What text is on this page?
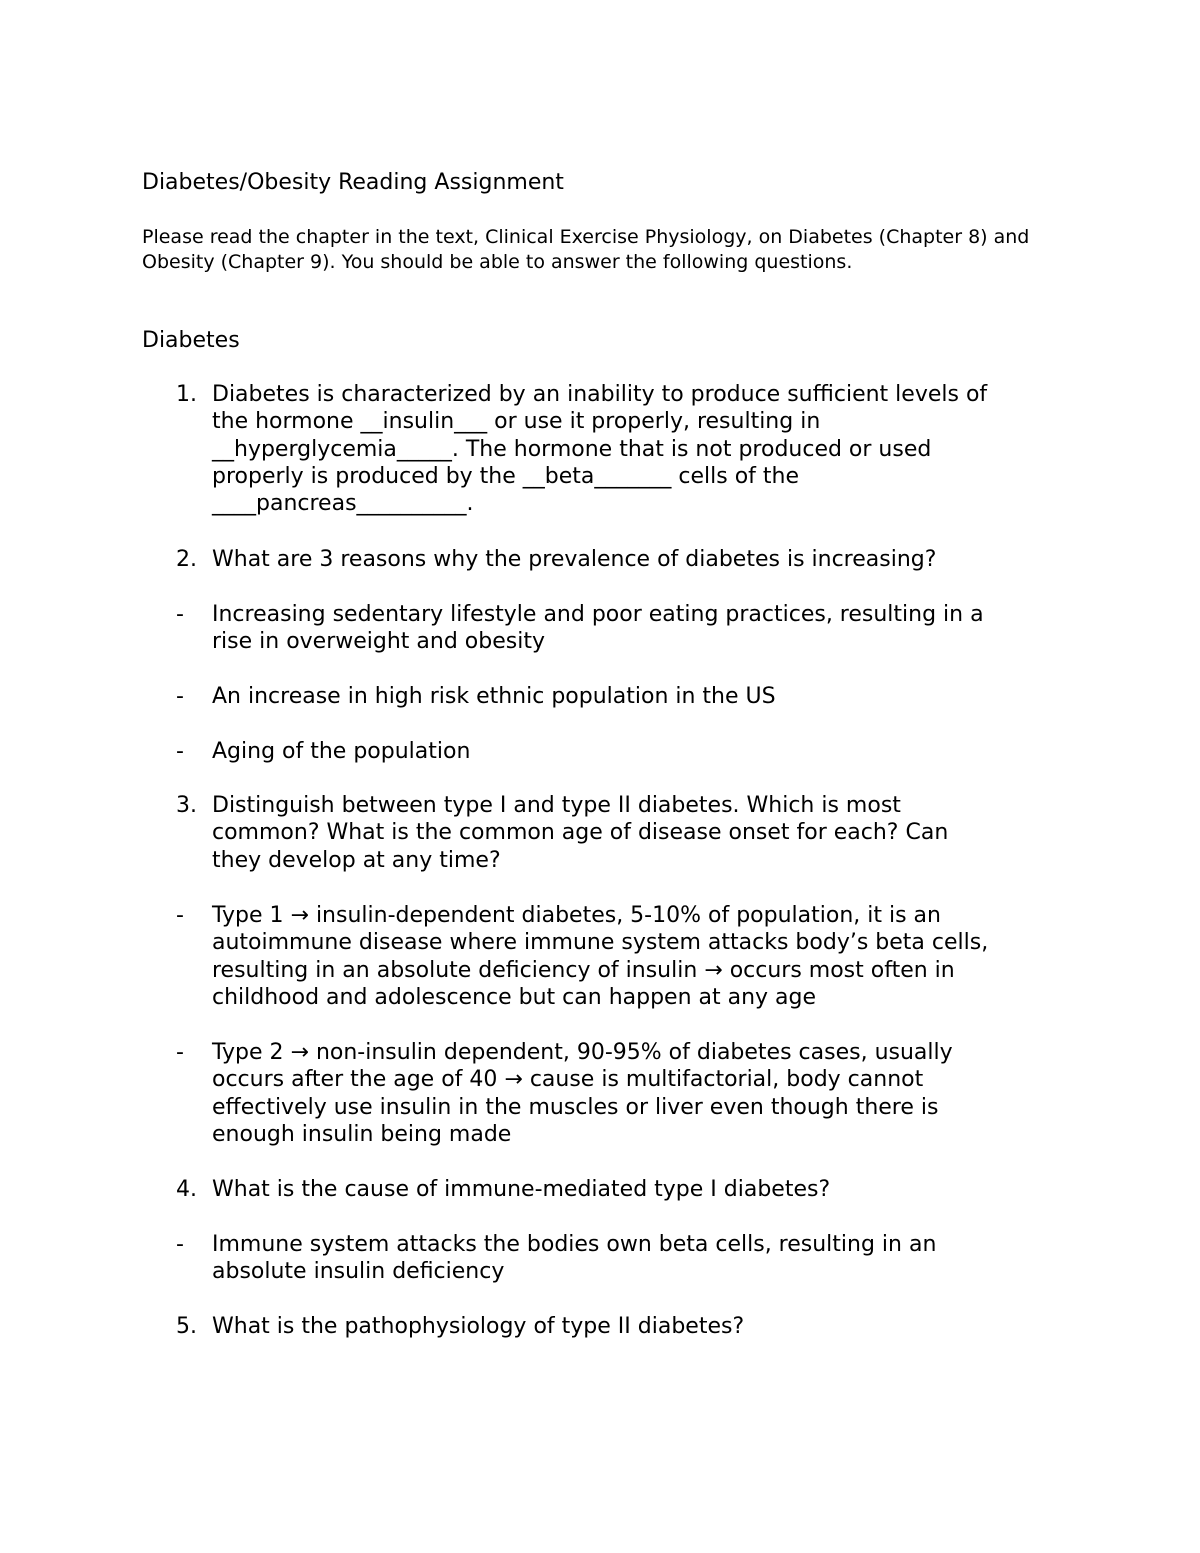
Diabetes/Obesity Reading Assignment
Please read the chapter in the text, Clinical Exercise Physiology, on Diabetes (Chapter 8) and Obesity (Chapter 9). You should be able to answer the following questions.
Diabetes
1. Diabetes is characterized by an inability to produce sufficient levels of
the hormone __insulin___ or use it properly, resulting in
__hyperglycemia_____. The hormone that is not produced or used
properly is produced by the __beta_______ cells of the
____pancreas__________.
2. What are 3 reasons why the prevalence of diabetes is increasing?
- Increasing sedentary lifestyle and poor eating practices, resulting in a
rise in overweight and obesity
- An increase in high risk ethnic population in the US
- Aging of the population
3. Distinguish between type I and type II diabetes. Which is most
common? What is the common age of disease onset for each? Can
they develop at any time?
- Type 1 → insulin-dependent diabetes, 5-10% of population, it is an
autoimmune disease where immune system attacks body’s beta cells,
resulting in an absolute deficiency of insulin → occurs most often in
childhood and adolescence but can happen at any age
- Type 2 → non-insulin dependent, 90-95% of diabetes cases, usually
occurs after the age of 40 → cause is multifactorial, body cannot
effectively use insulin in the muscles or liver even though there is
enough insulin being made
4. What is the cause of immune-mediated type I diabetes?
- Immune system attacks the bodies own beta cells, resulting in an
absolute insulin deficiency
5. What is the pathophysiology of type II diabetes?
